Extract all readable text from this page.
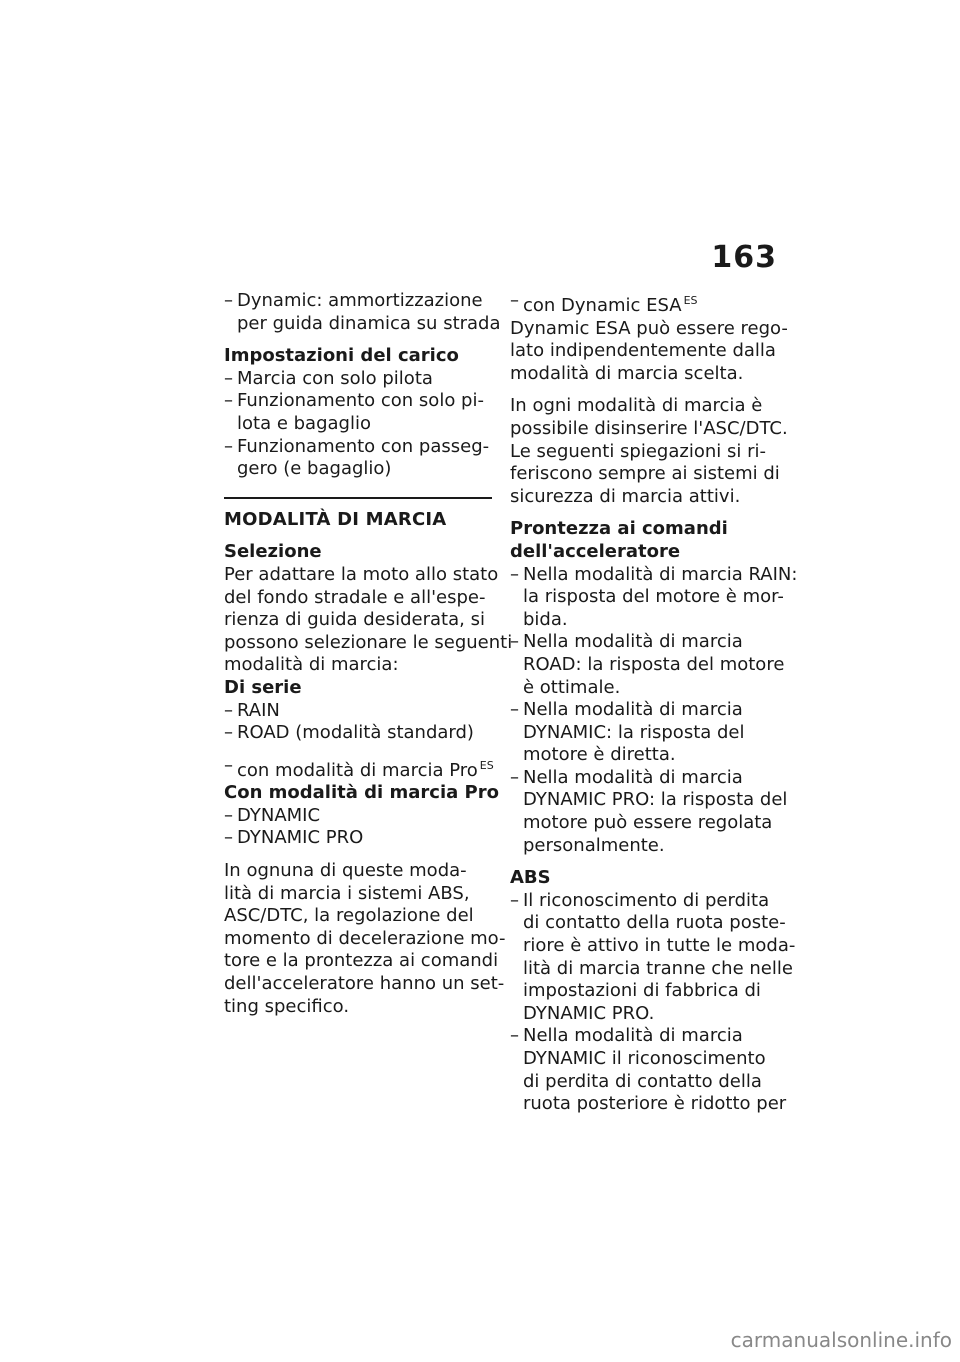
163
– Dynamic: ammortizzazione
per guida dinamica su strada
Impostazioni del carico
– Marcia con solo pilota
– Funzionamento con solo pi-
lota e bagaglio
– Funzionamento con passeg-
gero (e bagaglio)
MODALITÀ DI MARCIA
Selezione
Per adattare la moto allo stato
del fondo stradale e all'espe-
rienza di guida desiderata, si
possono selezionare le seguenti
modalità di marcia:
Di serie
– RAIN
– ROAD (modalità standard)
– con modalità di marcia Pro $^{ES}$
Con modalità di marcia Pro
– DYNAMIC
– DYNAMIC PRO
In ognuna di queste moda-
lità di marcia i sistemi ABS,
ASC/DTC, la regolazione del
momento di decelerazione mo-
tore e la prontezza ai comandi
dell'acceleratore hanno un set-
ting specifico.
– con Dynamic ESA $^{ES}$
Dynamic ESA può essere rego-
lato indipendentemente dalla
modalità di marcia scelta.
In ogni modalità di marcia è
possibile disinserire l'ASC/DTC.
Le seguenti spiegazioni si ri-
feriscono sempre ai sistemi di
sicurezza di marcia attivi.
Prontezza ai comandi
dell'acceleratore
– Nella modalità di marcia RAIN:
la risposta del motore è mor-
bida.
– Nella modalità di marcia
ROAD: la risposta del motore
è ottimale.
– Nella modalità di marcia
DYNAMIC: la risposta del
motore è diretta.
– Nella modalità di marcia
DYNAMIC PRO: la risposta del
motore può essere regolata
personalmente.
ABS
– Il riconoscimento di perdita
di contatto della ruota poste-
riore è attivo in tutte le moda-
lità di marcia tranne che nelle
impostazioni di fabbrica di
DYNAMIC PRO.
– Nella modalità di marcia
DYNAMIC il riconoscimento
di perdita di contatto della
ruota posteriore è ridotto per
carmanualsonline.info
